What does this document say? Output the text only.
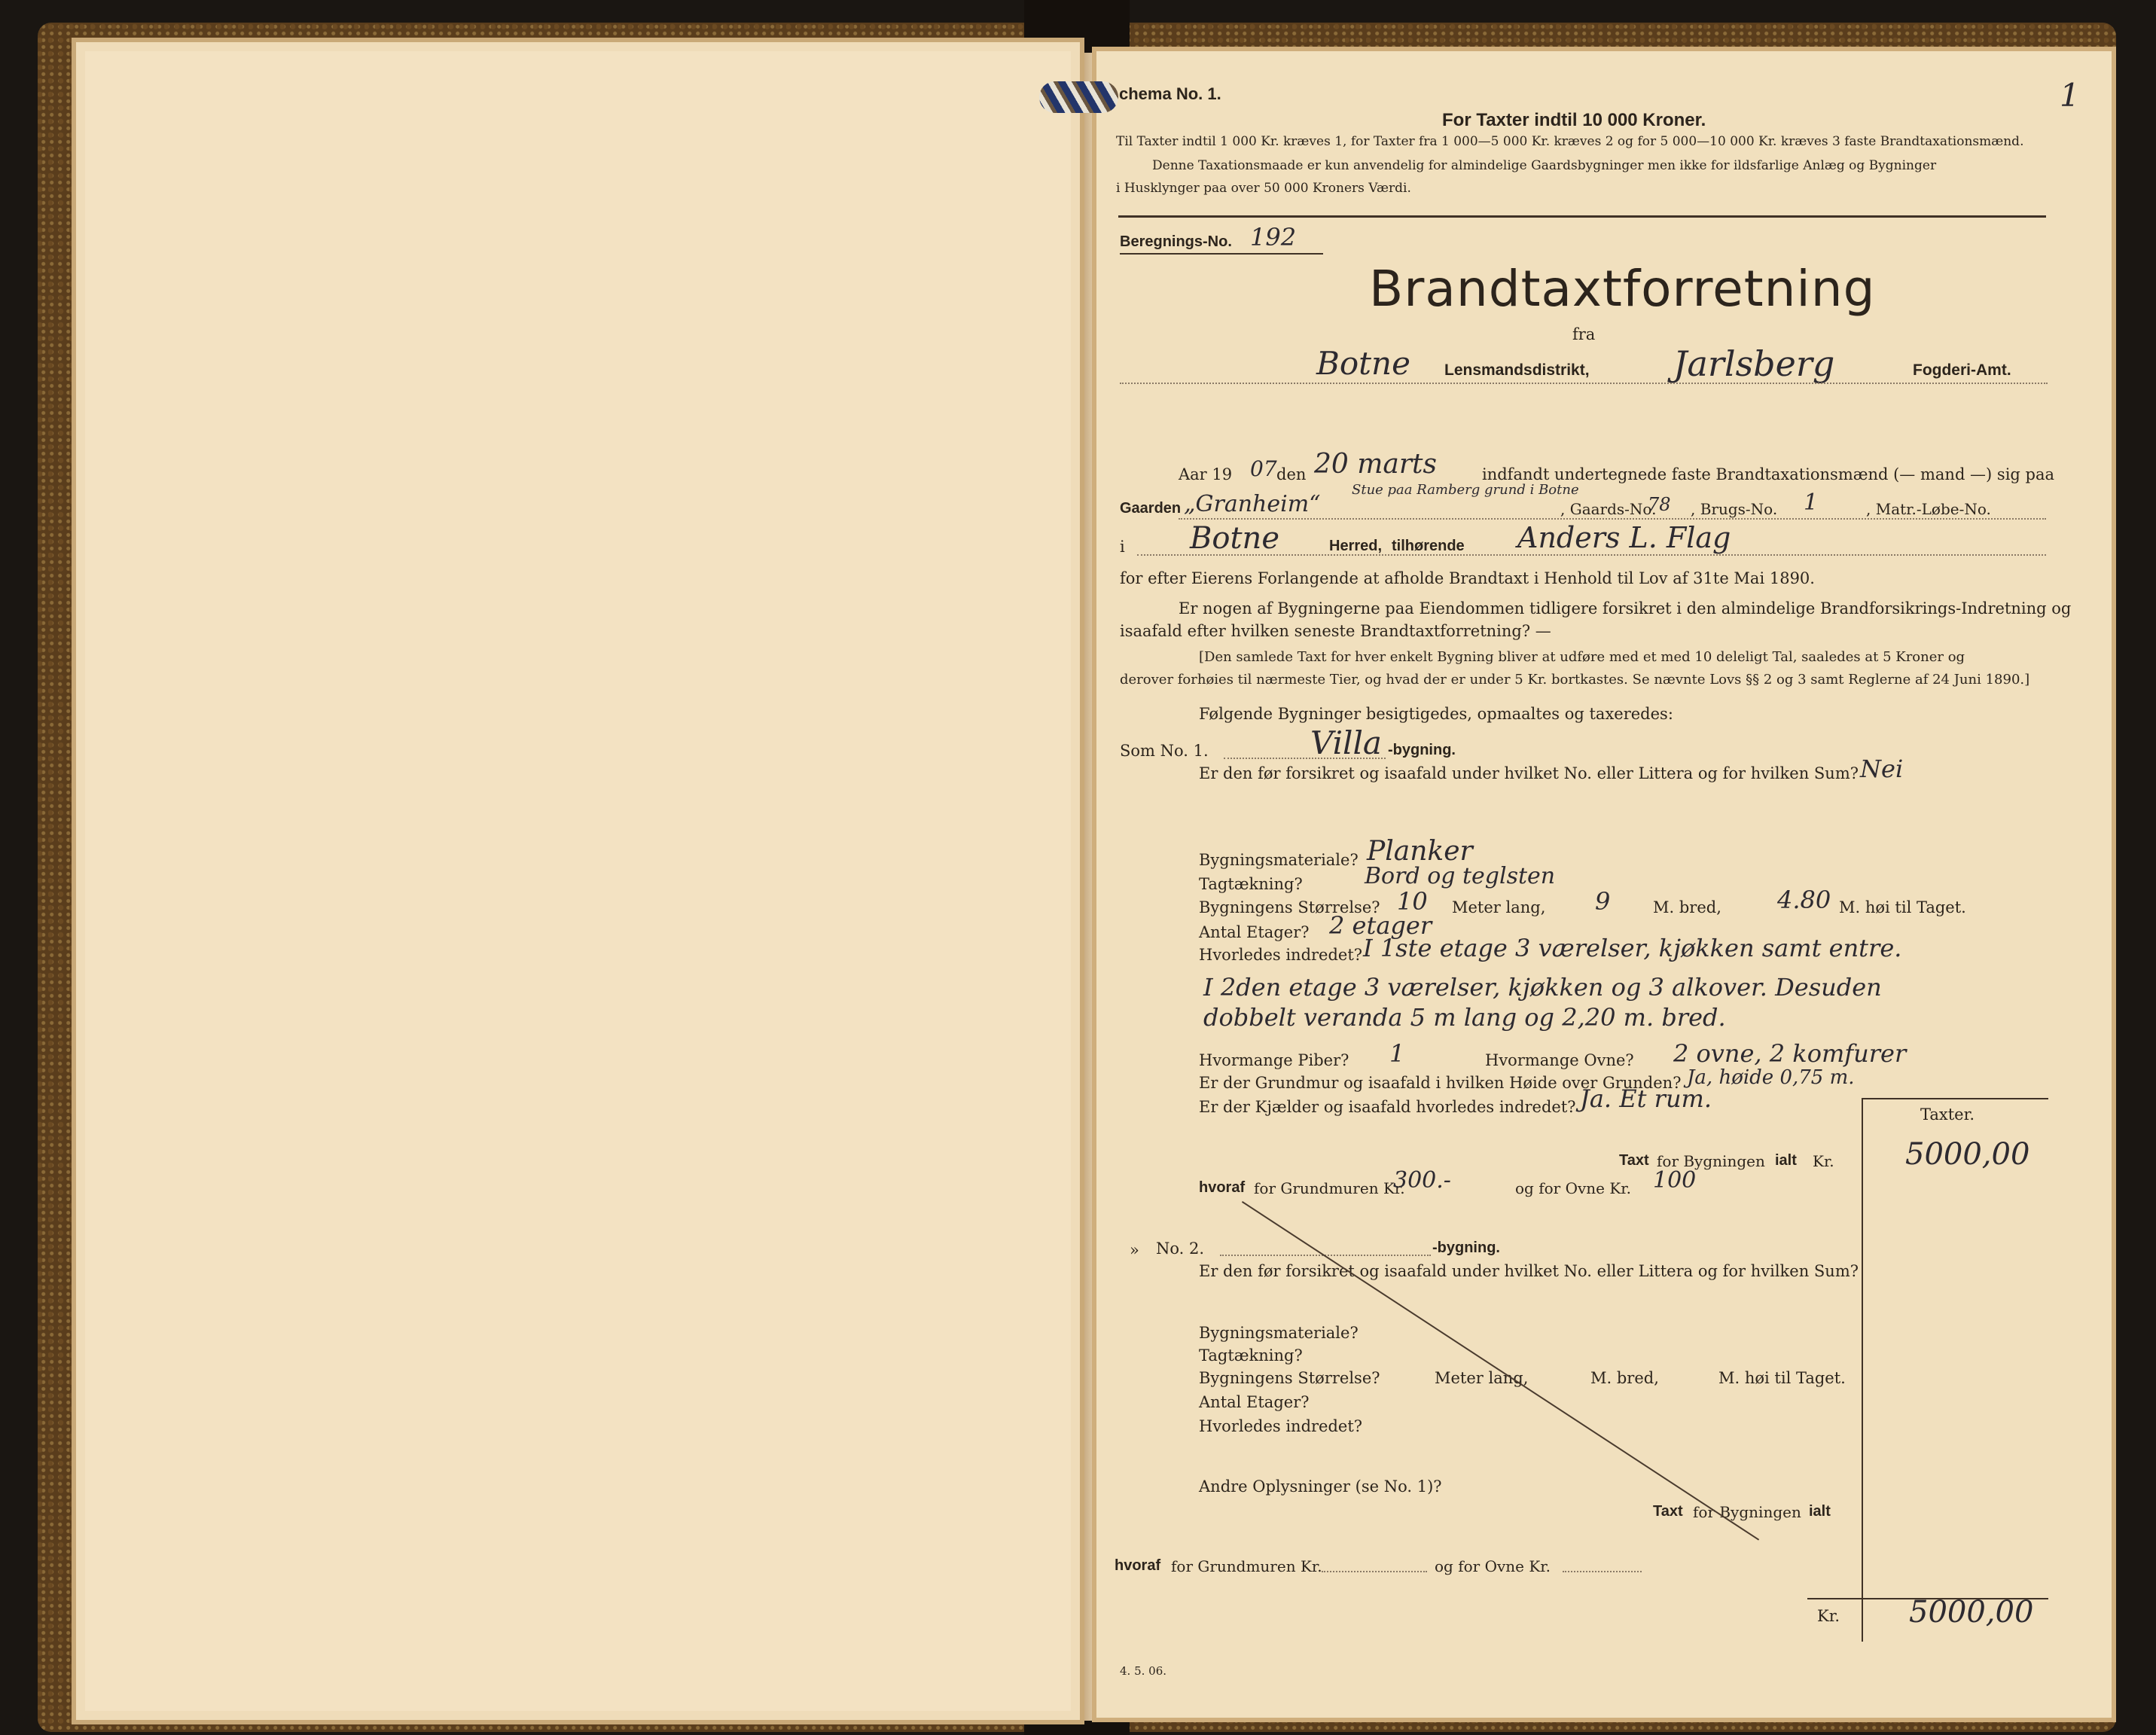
chema No. 1.	1
For Taxter indtil 10 000 Kroner.
Til Taxter indtil 1 000 Kr. kræves 1, for Taxter fra 1 000—5 000 Kr. kræves 2 og for 5 000—10 000 Kr. kræves 3 faste Brandtaxationsmænd.
Denne Taxationsmaade er kun anvendelig for almindelige Gaardsbygninger men ikke for ildsfarlige Anlæg og Bygninger
i Husklynger paa over 50 000 Kroners Værdi.
Beregnings-No. 192
Brandtaxtforretning
fra
Botne Lensmandsdistrikt, Jarlsberg	Fogderi-Amt.
Aar 19 07 den 20 marts	indfandt undertegnede faste Brandtaxationsmænd (— mand —) sig paa
Gaarden „Granheim“
Stue paa Ramberg grund i Botne
, Gaards-No.
78 , Brugs-No. 1	, Matr.-Løbe-No.
i Botne	Herred, tilhørende Anders L. Flag
for efter Eierens Forlangende at afholde Brandtaxt i Henhold til Lov af 31te Mai 1890.
Er nogen af Bygningerne paa Eiendommen tidligere forsikret i den almindelige Brandforsikrings-Indretning og
isaafald efter hvilken seneste Brandtaxtforretning? —
[Den samlede Taxt for hver enkelt Bygning bliver at udføre med et med 10 deleligt Tal, saaledes at 5 Kroner og
derover forhøies til nærmeste Tier, og hvad der er under 5 Kr. bortkastes. Se nævnte Lovs §§ 2 og 3 samt Reglerne af 24 Juni 1890.]
Følgende Bygninger besigtigedes, opmaaltes og taxeredes:
Som No. 1.	Villa -bygning.
Er den før forsikret og isaafald under hvilket No. eller Littera og for hvilken Sum? Nei
Bygningsmateriale? Planker
Tagtækning?	Bord og teglsten
Bygningens Størrelse? 10 Meter lang, 9	M. bred, 4.80 M. høi til Taget.
Antal Etager? 2 etager
Hvorledes indredet? I 1ste etage 3 værelser, kjøkken samt entre.
I 2den etage 3 værelser, kjøkken og 3 alkover. Desuden
dobbelt veranda 5 m lang og 2,20 m. bred.
Hvormange Piber? 1	Hvormange Ovne? 2 ovne, 2 komfurer
Er der Grundmur og isaafald i hvilken Høide over Grunden? Ja, høide 0,75 m.
Er der Kjælder og isaafald hvorledes indredet? Ja. Et rum.
Taxter.
Taxt for Bygningen ialt Kr. 5000,00
hvoraf for Grundmuren Kr.
300.-	og for Ovne Kr. 100
» No. 2.	-bygning.
Er den før forsikret og isaafald under hvilket No. eller Littera og for hvilken Sum?
Bygningsmateriale?
Tagtækning?
Bygningens Størrelse?	Meter lang,	M. bred,	M. høi til Taget.
Antal Etager?
Hvorledes indredet?
Andre Oplysninger (se No. 1)?
Taxt for Bygningen ialt
hvoraf for Grundmuren Kr.	og for Ovne Kr.
Kr. 5000,00
4. 5. 06.
